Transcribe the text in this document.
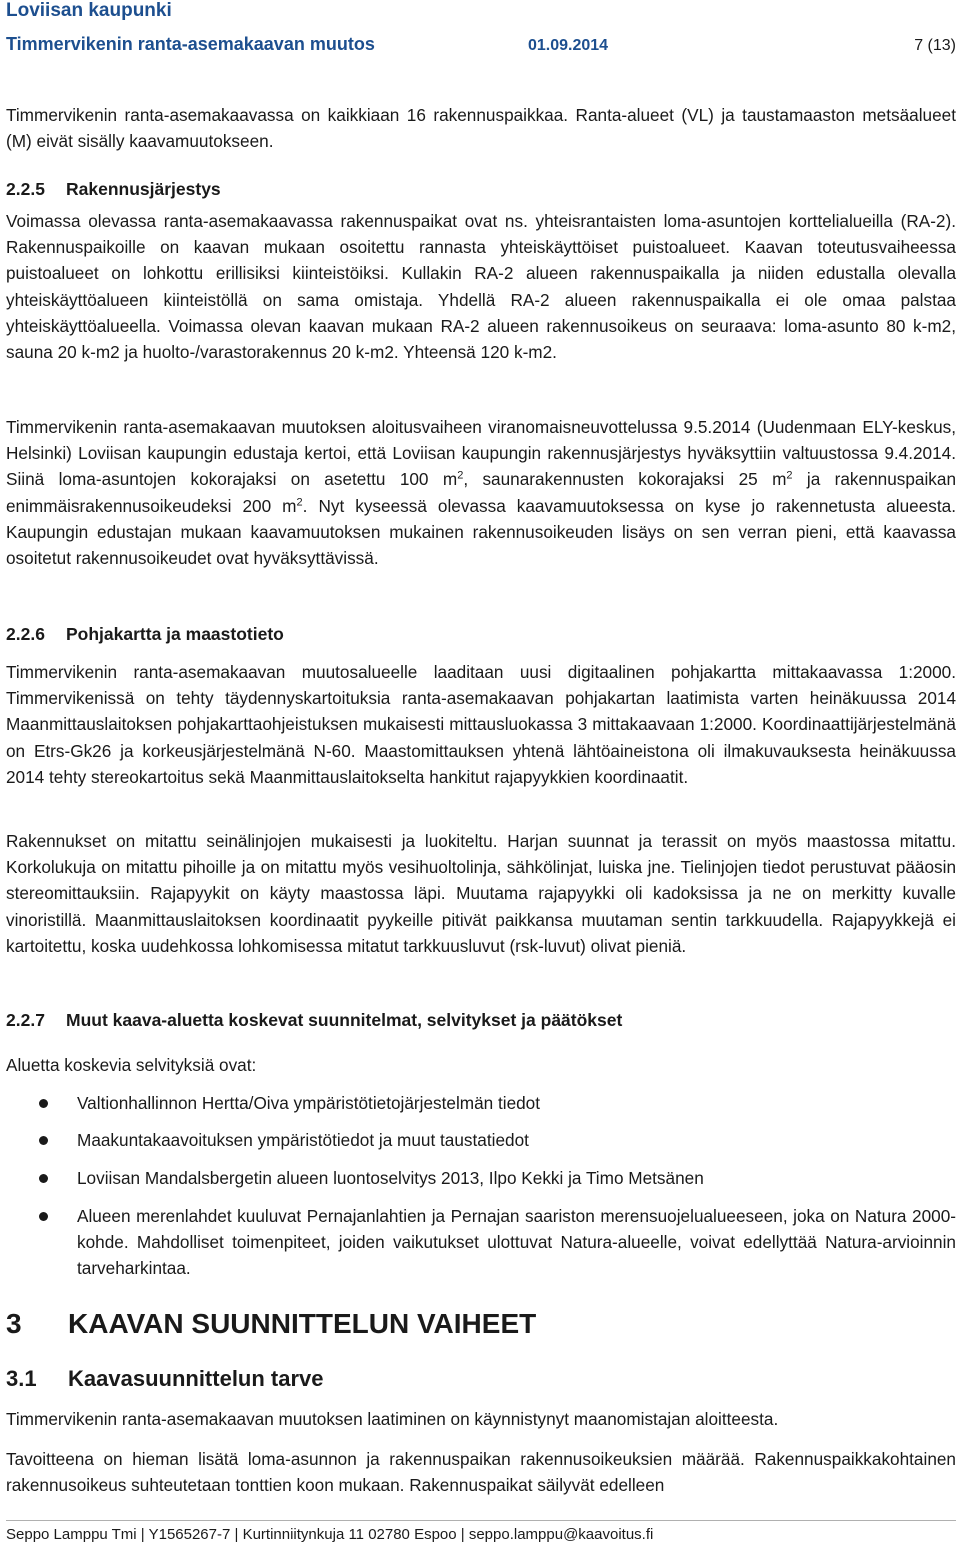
Loviisan kaupunki
Timmervikenin ranta-asemakaavan muutos	01.09.2014	7 (13)

Timmervikenin ranta-asemakaavassa on kaikkiaan 16 rakennuspaikkaa. Ranta-alueet (VL) ja taustamaaston metsäalueet (M) eivät sisälly kaavamuutokseen.

2.2.5 Rakennusjärjestys

Voimassa olevassa ranta-asemakaavassa rakennuspaikat ovat ns. yhteisrantaisten loma-asuntojen korttelialueilla (RA-2). Rakennuspaikoille on kaavan mukaan osoitettu rannasta yhteiskäyttöiset puistoalueet. Kaavan toteutusvaiheessa puistoalueet on lohkottu erillisiksi kiinteistöiksi. Kullakin RA-2 alueen rakennuspaikalla ja niiden edustalla olevalla yhteiskäyttöalueen kiinteistöllä on sama omistaja. Yhdellä RA-2 alueen rakennuspaikalla ei ole omaa palstaa yhteiskäyttöalueella. Voimassa olevan kaavan mukaan RA-2 alueen rakennusoikeus on seuraava: loma-asunto 80 k-m2, sauna 20 k-m2 ja huolto-/varastorakennus 20 k-m2. Yhteensä 120 k-m2.

Timmervikenin ranta-asemakaavan muutoksen aloitusvaiheen viranomaisneuvottelussa 9.5.2014 (Uudenmaan ELY-keskus, Helsinki) Loviisan kaupungin edustaja kertoi, että Loviisan kaupungin rakennusjärjestys hyväksyttiin valtuustossa 9.4.2014. Siinä loma-asuntojen kokorajaksi on asetettu 100 $m^2$, saunarakennusten kokorajaksi 25 $m^2$ ja rakennuspaikan enimmäisrakennusoikeudeksi 200 $m^2$. Nyt kyseessä olevassa kaavamuutoksessa on kyse jo rakennetusta alueesta. Kaupungin edustajan mukaan kaavamuutoksen mukainen rakennusoikeuden lisäys on sen verran pieni, että kaavassa osoitetut rakennusoikeudet ovat hyväksyttävissä.

2.2.6 Pohjakartta ja maastotieto

Timmervikenin ranta-asemakaavan muutosalueelle laaditaan uusi digitaalinen pohjakartta mittakaavassa 1:2000. Timmervikenissä on tehty täydennyskartoituksia ranta-asemakaavan pohjakartan laatimista varten heinäkuussa 2014 Maanmittauslaitoksen pohjakarttaohjeistuksen mukaisesti mittausluokassa 3 mittakaavaan 1:2000. Koordinaattijärjestelmänä on Etrs-Gk26 ja korkeusjärjestelmänä N-60. Maastomittauksen yhtenä lähtöaineistona oli ilmakuvauksesta heinäkuussa 2014 tehty stereokartoitus sekä Maanmittauslaitokselta hankitut rajapyykkien koordinaatit.

Rakennukset on mitattu seinälinjojen mukaisesti ja luokiteltu. Harjan suunnat ja terassit on myös maastossa mitattu. Korkolukuja on mitattu pihoille ja on mitattu myös vesihuoltolinja, sähkölinjat, luiska jne. Tielinjojen tiedot perustuvat pääosin stereomittauksiin. Rajapyykit on käyty maastossa läpi. Muutama rajapyykki oli kadoksissa ja ne on merkitty kuvalle vinoristillä. Maanmittauslaitoksen koordinaatit pyykeille pitivät paikkansa muutaman sentin tarkkuudella. Rajapyykkejä ei kartoitettu, koska uudehkossa lohkomisessa mitatut tarkkuusluvut (rsk-luvut) olivat pieniä.

2.2.7 Muut kaava-aluetta koskevat suunnitelmat, selvitykset ja päätökset

Aluetta koskevia selvityksiä ovat:

Valtionhallinnon Hertta/Oiva ympäristötietojärjestelmän tiedot
Maakuntakaavoituksen ympäristötiedot ja muut taustatiedot
Loviisan Mandalsbergetin alueen luontoselvitys 2013, Ilpo Kekki ja Timo Metsänen
Alueen merenlahdet kuuluvat Pernajanlahtien ja Pernajan saariston merensuojelualueeseen, joka on Natura 2000-kohde. Mahdolliset toimenpiteet, joiden vaikutukset ulottuvat Natura-alueelle, voivat edellyttää Natura-arvioinnin tarveharkintaa.
3 KAAVAN SUUNNITTELUN VAIHEET
3.1 Kaavasuunnittelun tarve

Timmervikenin ranta-asemakaavan muutoksen laatiminen on käynnistynyt maanomistajan aloitteesta.

Tavoitteena on hieman lisätä loma-asunnon ja rakennuspaikan rakennusoikeuksien määrää. Rakennuspaikkakohtainen rakennusoikeus suhteutetaan tonttien koon mukaan. Rakennuspaikat säilyvät edelleen

Seppo Lamppu Tmi | Y1565267-7 | Kurtinniitynkuja 11 02780 Espoo | seppo.lamppu@kaavoitus.fi
